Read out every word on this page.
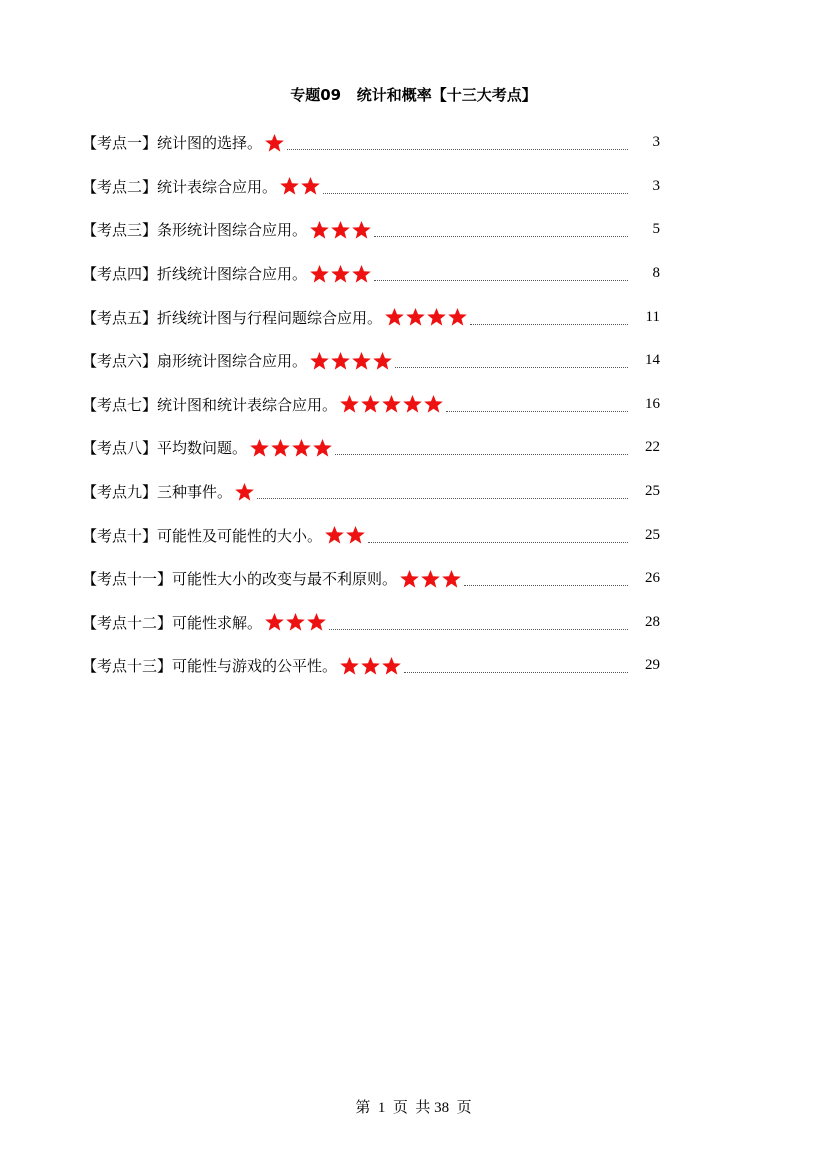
专题09   统计和概率【十三大考点】
【考点一】统计图的选择。	3
【考点二】统计表综合应用。	3
【考点三】条形统计图综合应用。	5
【考点四】折线统计图综合应用。	8
【考点五】折线统计图与行程问题综合应用。	11
【考点六】扇形统计图综合应用。	14
【考点七】统计图和统计表综合应用。	16
【考点八】平均数问题。	22
【考点九】三种事件。	25
【考点十】可能性及可能性的大小。	25
【考点十一】可能性大小的改变与最不利原则。	26
【考点十二】可能性求解。	28
【考点十三】可能性与游戏的公平性。	29
第  1  页  共 38  页
